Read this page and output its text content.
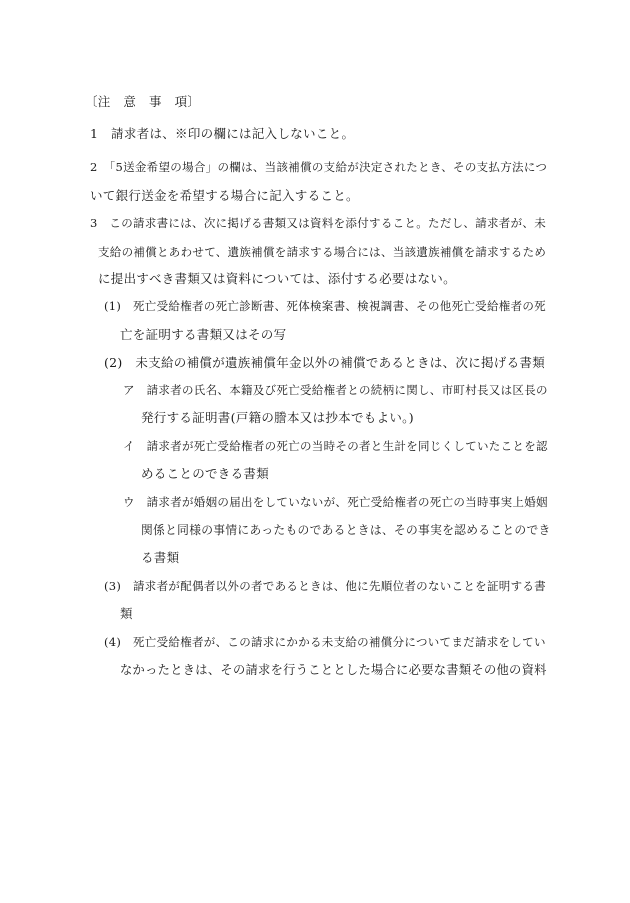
〔注　意　事　項〕
1　請求者は、※印の欄には記入しないこと。
2　「5送金希望の場合」の欄は、当該補償の支給が決定されたとき、その支払方法につ
いて銀行送金を希望する場合に記入すること。
3　この請求書には、次に掲げる書類又は資料を添付すること。ただし、請求者が、未
支給の補償とあわせて、遺族補償を請求する場合には、当該遺族補償を請求するため
に提出すべき書類又は資料については、添付する必要はない。
(1)　死亡受給権者の死亡診断書、死体検案書、検視調書、その他死亡受給権者の死
亡を証明する書類又はその写
(2)　未支給の補償が遺族補償年金以外の補償であるときは、次に掲げる書類
ア　請求者の氏名、本籍及び死亡受給権者との続柄に関し、市町村長又は区長の
発行する証明書(戸籍の謄本又は抄本でもよい。)
イ　請求者が死亡受給権者の死亡の当時その者と生計を同じくしていたことを認
めることのできる書類
ウ　請求者が婚姻の届出をしていないが、死亡受給権者の死亡の当時事実上婚姻
関係と同様の事情にあったものであるときは、その事実を認めることのでき
る書類
(3)　請求者が配偶者以外の者であるときは、他に先順位者のないことを証明する書
類
(4)　死亡受給権者が、この請求にかかる未支給の補償分についてまだ請求をしてい
なかったときは、その請求を行うこととした場合に必要な書類その他の資料
